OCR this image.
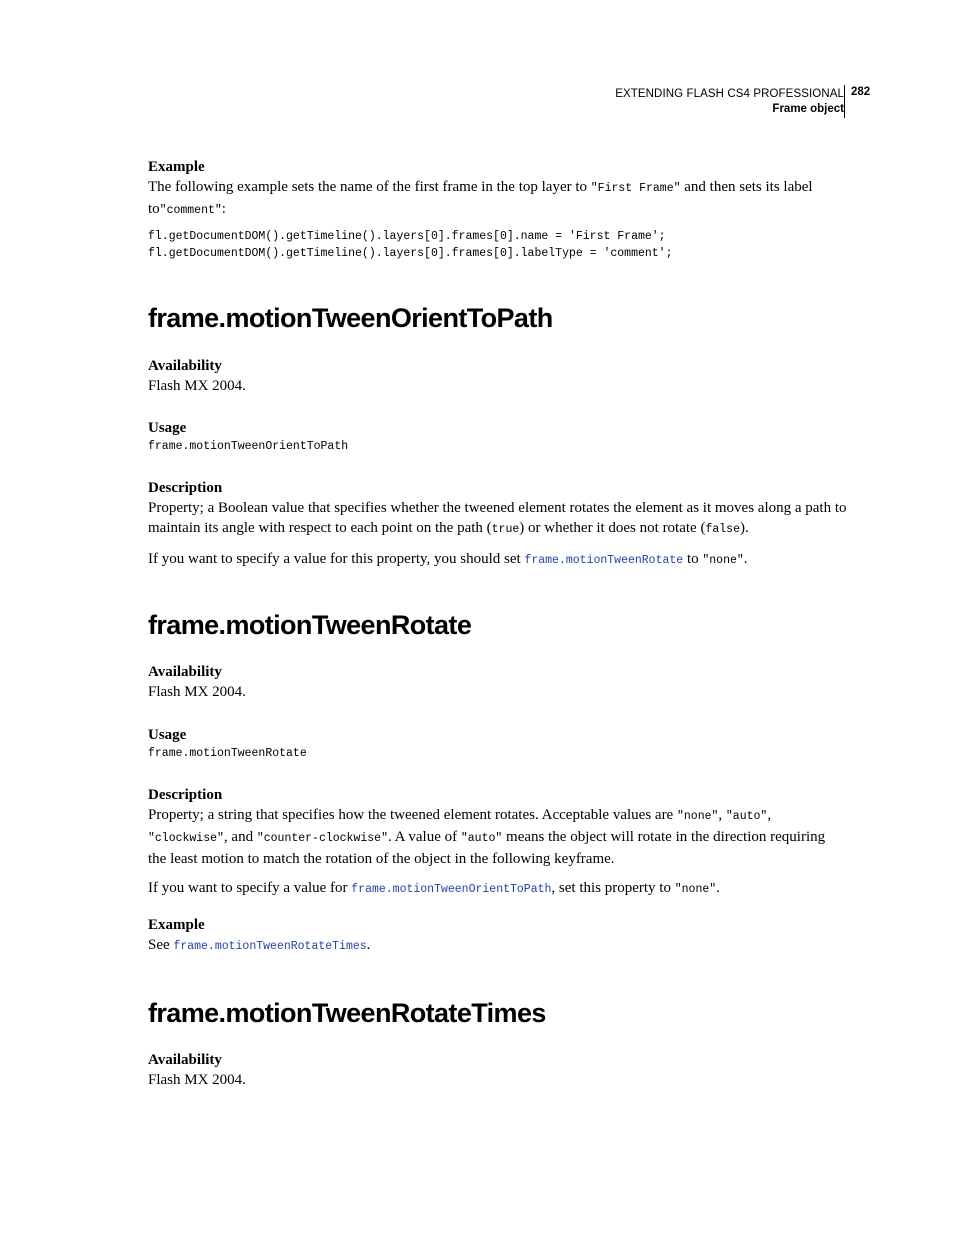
EXTENDING FLASH CS4 PROFESSIONAL
Frame object
282
Example
The following example sets the name of the first frame in the top layer to "First Frame" and then sets its label
to"comment":
fl.getDocumentDOM().getTimeline().layers[0].frames[0].name = 'First Frame';
fl.getDocumentDOM().getTimeline().layers[0].frames[0].labelType = 'comment';
frame.motionTweenOrientToPath
Availability
Flash MX 2004.
Usage
frame.motionTweenOrientToPath
Description
Property; a Boolean value that specifies whether the tweened element rotates the element as it moves along a path to
maintain its angle with respect to each point on the path (true) or whether it does not rotate (false).
If you want to specify a value for this property, you should set frame.motionTweenRotate to "none".
frame.motionTweenRotate
Availability
Flash MX 2004.
Usage
frame.motionTweenRotate
Description
Property; a string that specifies how the tweened element rotates. Acceptable values are "none", "auto",
"clockwise", and "counter-clockwise". A value of "auto" means the object will rotate in the direction requiring
the least motion to match the rotation of the object in the following keyframe.
If you want to specify a value for frame.motionTweenOrientToPath, set this property to "none".
Example
See frame.motionTweenRotateTimes.
frame.motionTweenRotateTimes
Availability
Flash MX 2004.
